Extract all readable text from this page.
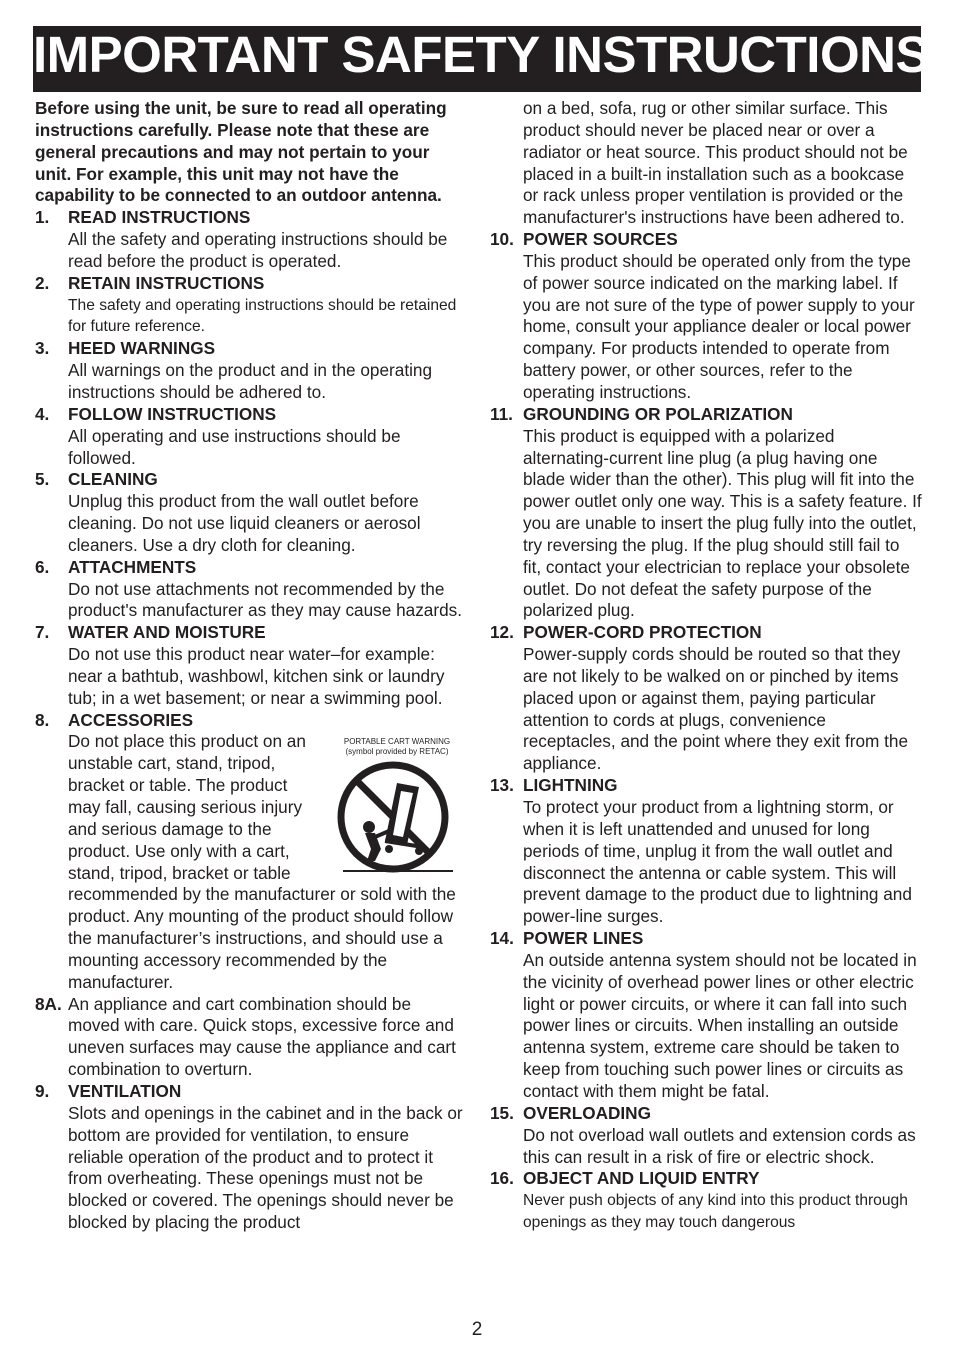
IMPORTANT SAFETY INSTRUCTIONS

Before using the unit, be sure to read all operating instructions carefully. Please note that these are general precautions and may not pertain to your unit. For example, this unit may not have the capability to be connected to an outdoor antenna.

1.	READ INSTRUCTIONS

All the safety and operating instructions should be read before the product is operated.

2.	RETAIN INSTRUCTIONS

The safety and operating instructions should be retained for future reference.

3.	HEED WARNINGS

All warnings on the product and in the operating instructions should be adhered to.

4.	FOLLOW INSTRUCTIONS

All operating and use instructions should be followed.

5.	CLEANING

Unplug this product from the wall outlet before cleaning. Do not use liquid cleaners or aerosol cleaners. Use a dry cloth for cleaning.

6.	ATTACHMENTS

Do not use attachments not recommended by the product's manufacturer as they may cause hazards.

7.	WATER AND MOISTURE

Do not use this product near water–for example: near a bathtub, washbowl, kitchen sink or laundry tub; in a wet basement; or near a swimming pool.

8.	ACCESSORIES
PORTABLE CART WARNING
(symbol provided by RETAC)
Do not place this product on an unstable cart, stand, tripod, bracket or table. The product may fall, causing serious injury and serious damage to the product. Use only with a cart, stand, tripod, bracket or table recommended by the manufacturer or sold with the product. Any mounting of the product should follow the manufacturer’s instructions, and should use a mounting accessory recommended by the manufacturer.
8A. An appliance and cart combination should be moved with care. Quick stops, excessive force and uneven surfaces may cause the appliance and cart combination to overturn.
9.	VENTILATION

Slots and openings in the cabinet and in the back or bottom are provided for ventilation, to ensure reliable operation of the product and to protect it from overheating. These openings must not be blocked or covered. The openings should never be blocked by placing the product

on a bed, sofa, rug or other similar surface. This product should never be placed near or over a radiator or heat source. This product should not be placed in a built-in installation such as a bookcase or rack unless proper ventilation is provided or the manufacturer's instructions have been adhered to.

10. POWER SOURCES

This product should be operated only from the type of power source indicated on the marking label. If you are not sure of the type of power supply to your home, consult your appliance dealer or local power company. For products intended to operate from battery power, or other sources, refer to the operating instructions.

11. GROUNDING OR POLARIZATION

This product is equipped with a polarized alternating-current line plug (a plug having one blade wider than the other). This plug will fit into the power outlet only one way. This is a safety feature. If you are unable to insert the plug fully into the outlet, try reversing the plug. If the plug should still fail to fit, contact your electrician to replace your obsolete outlet. Do not defeat the safety purpose of the polarized plug.

12. POWER-CORD PROTECTION

Power-supply cords should be routed so that they are not likely to be walked on or pinched by items placed upon or against them, paying particular attention to cords at plugs, convenience receptacles, and the point where they exit from the appliance.

13. LIGHTNING

To protect your product from a lightning storm, or when it is left unattended and unused for long periods of time, unplug it from the wall outlet and disconnect the antenna or cable system. This will prevent damage to the product due to lightning and power-line surges.

14. POWER LINES

An outside antenna system should not be located in the vicinity of overhead power lines or other electric light or power circuits, or where it can fall into such power lines or circuits. When installing an outside antenna system, extreme care should be taken to keep from touching such power lines or circuits as contact with them might be fatal.

15. OVERLOADING

Do not overload wall outlets and extension cords as this can result in a risk of fire or electric shock.

16. OBJECT AND LIQUID ENTRY

Never push objects of any kind into this product through openings as they may touch dangerous

2
